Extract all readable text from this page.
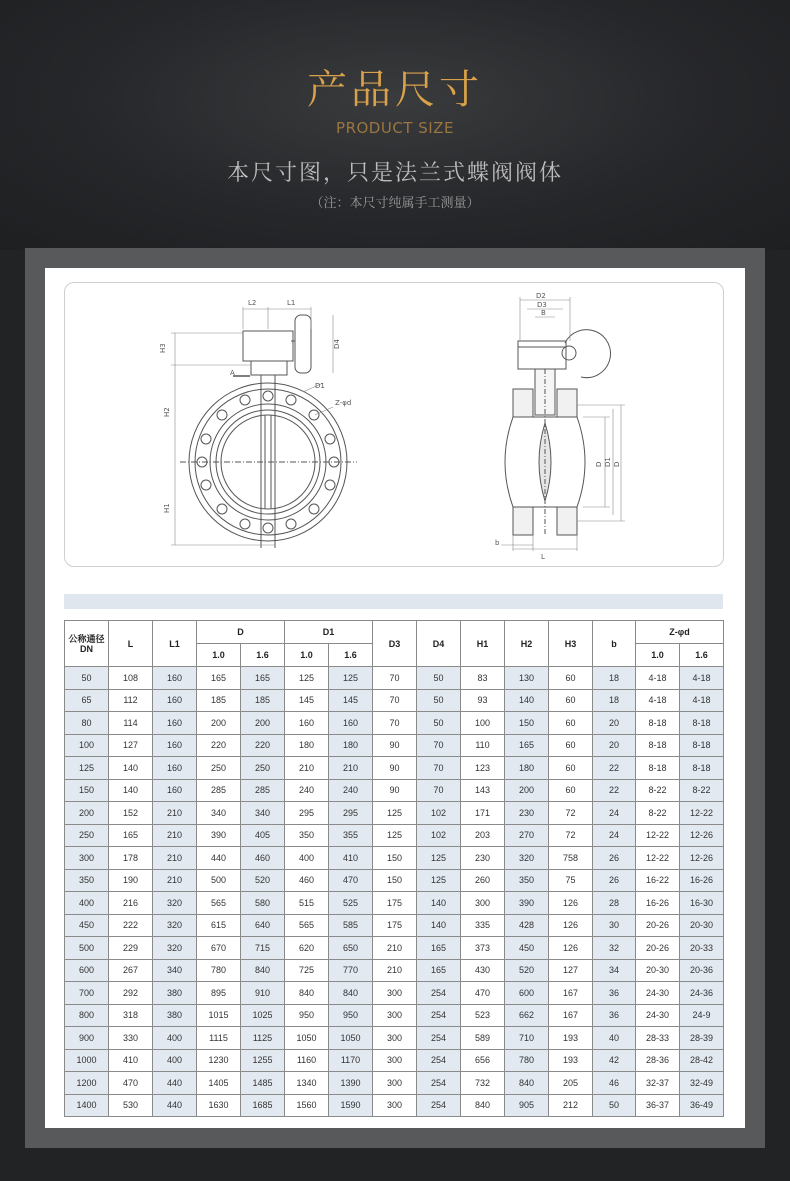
产品尺寸
PRODUCT SIZE
本尺寸图，只是法兰式蝶阀阀体
（注：本尺寸纯属手工测量）
L2	L1
H3	D4
A
D1
Z-φd
H2
H1
D2
D3
B
D D1 D
b
L
公称通径
DN	L	L1	D		D1		D3	D4	H1	H2	H3	b	Z-φd	
			1.0	1.6	1.0	1.6							1.0	1.6
50	108	160	165	165	125	125	70	50	83	130	60	18	4-18	4-18
65	112	160	185	185	145	145	70	50	93	140	60	18	4-18	4-18
80	114	160	200	200	160	160	70	50	100	150	60	20	8-18	8-18
100	127	160	220	220	180	180	90	70	110	165	60	20	8-18	8-18
125	140	160	250	250	210	210	90	70	123	180	60	22	8-18	8-18
150	140	160	285	285	240	240	90	70	143	200	60	22	8-22	8-22
200	152	210	340	340	295	295	125	102	171	230	72	24	8-22	12-22
250	165	210	390	405	350	355	125	102	203	270	72	24	12-22	12-26
300	178	210	440	460	400	410	150	125	230	320	758	26	12-22	12-26
350	190	210	500	520	460	470	150	125	260	350	75	26	16-22	16-26
400	216	320	565	580	515	525	175	140	300	390	126	28	16-26	16-30
450	222	320	615	640	565	585	175	140	335	428	126	30	20-26	20-30
500	229	320	670	715	620	650	210	165	373	450	126	32	20-26	20-33
600	267	340	780	840	725	770	210	165	430	520	127	34	20-30	20-36
700	292	380	895	910	840	840	300	254	470	600	167	36	24-30	24-36
800	318	380	1015	1025	950	950	300	254	523	662	167	36	24-30	24-9
900	330	400	1115	1125	1050	1050	300	254	589	710	193	40	28-33	28-39
1000	410	400	1230	1255	1160	1170	300	254	656	780	193	42	28-36	28-42
1200	470	440	1405	1485	1340	1390	300	254	732	840	205	46	32-37	32-49
1400	530	440	1630	1685	1560	1590	300	254	840	905	212	50	36-37	36-49
